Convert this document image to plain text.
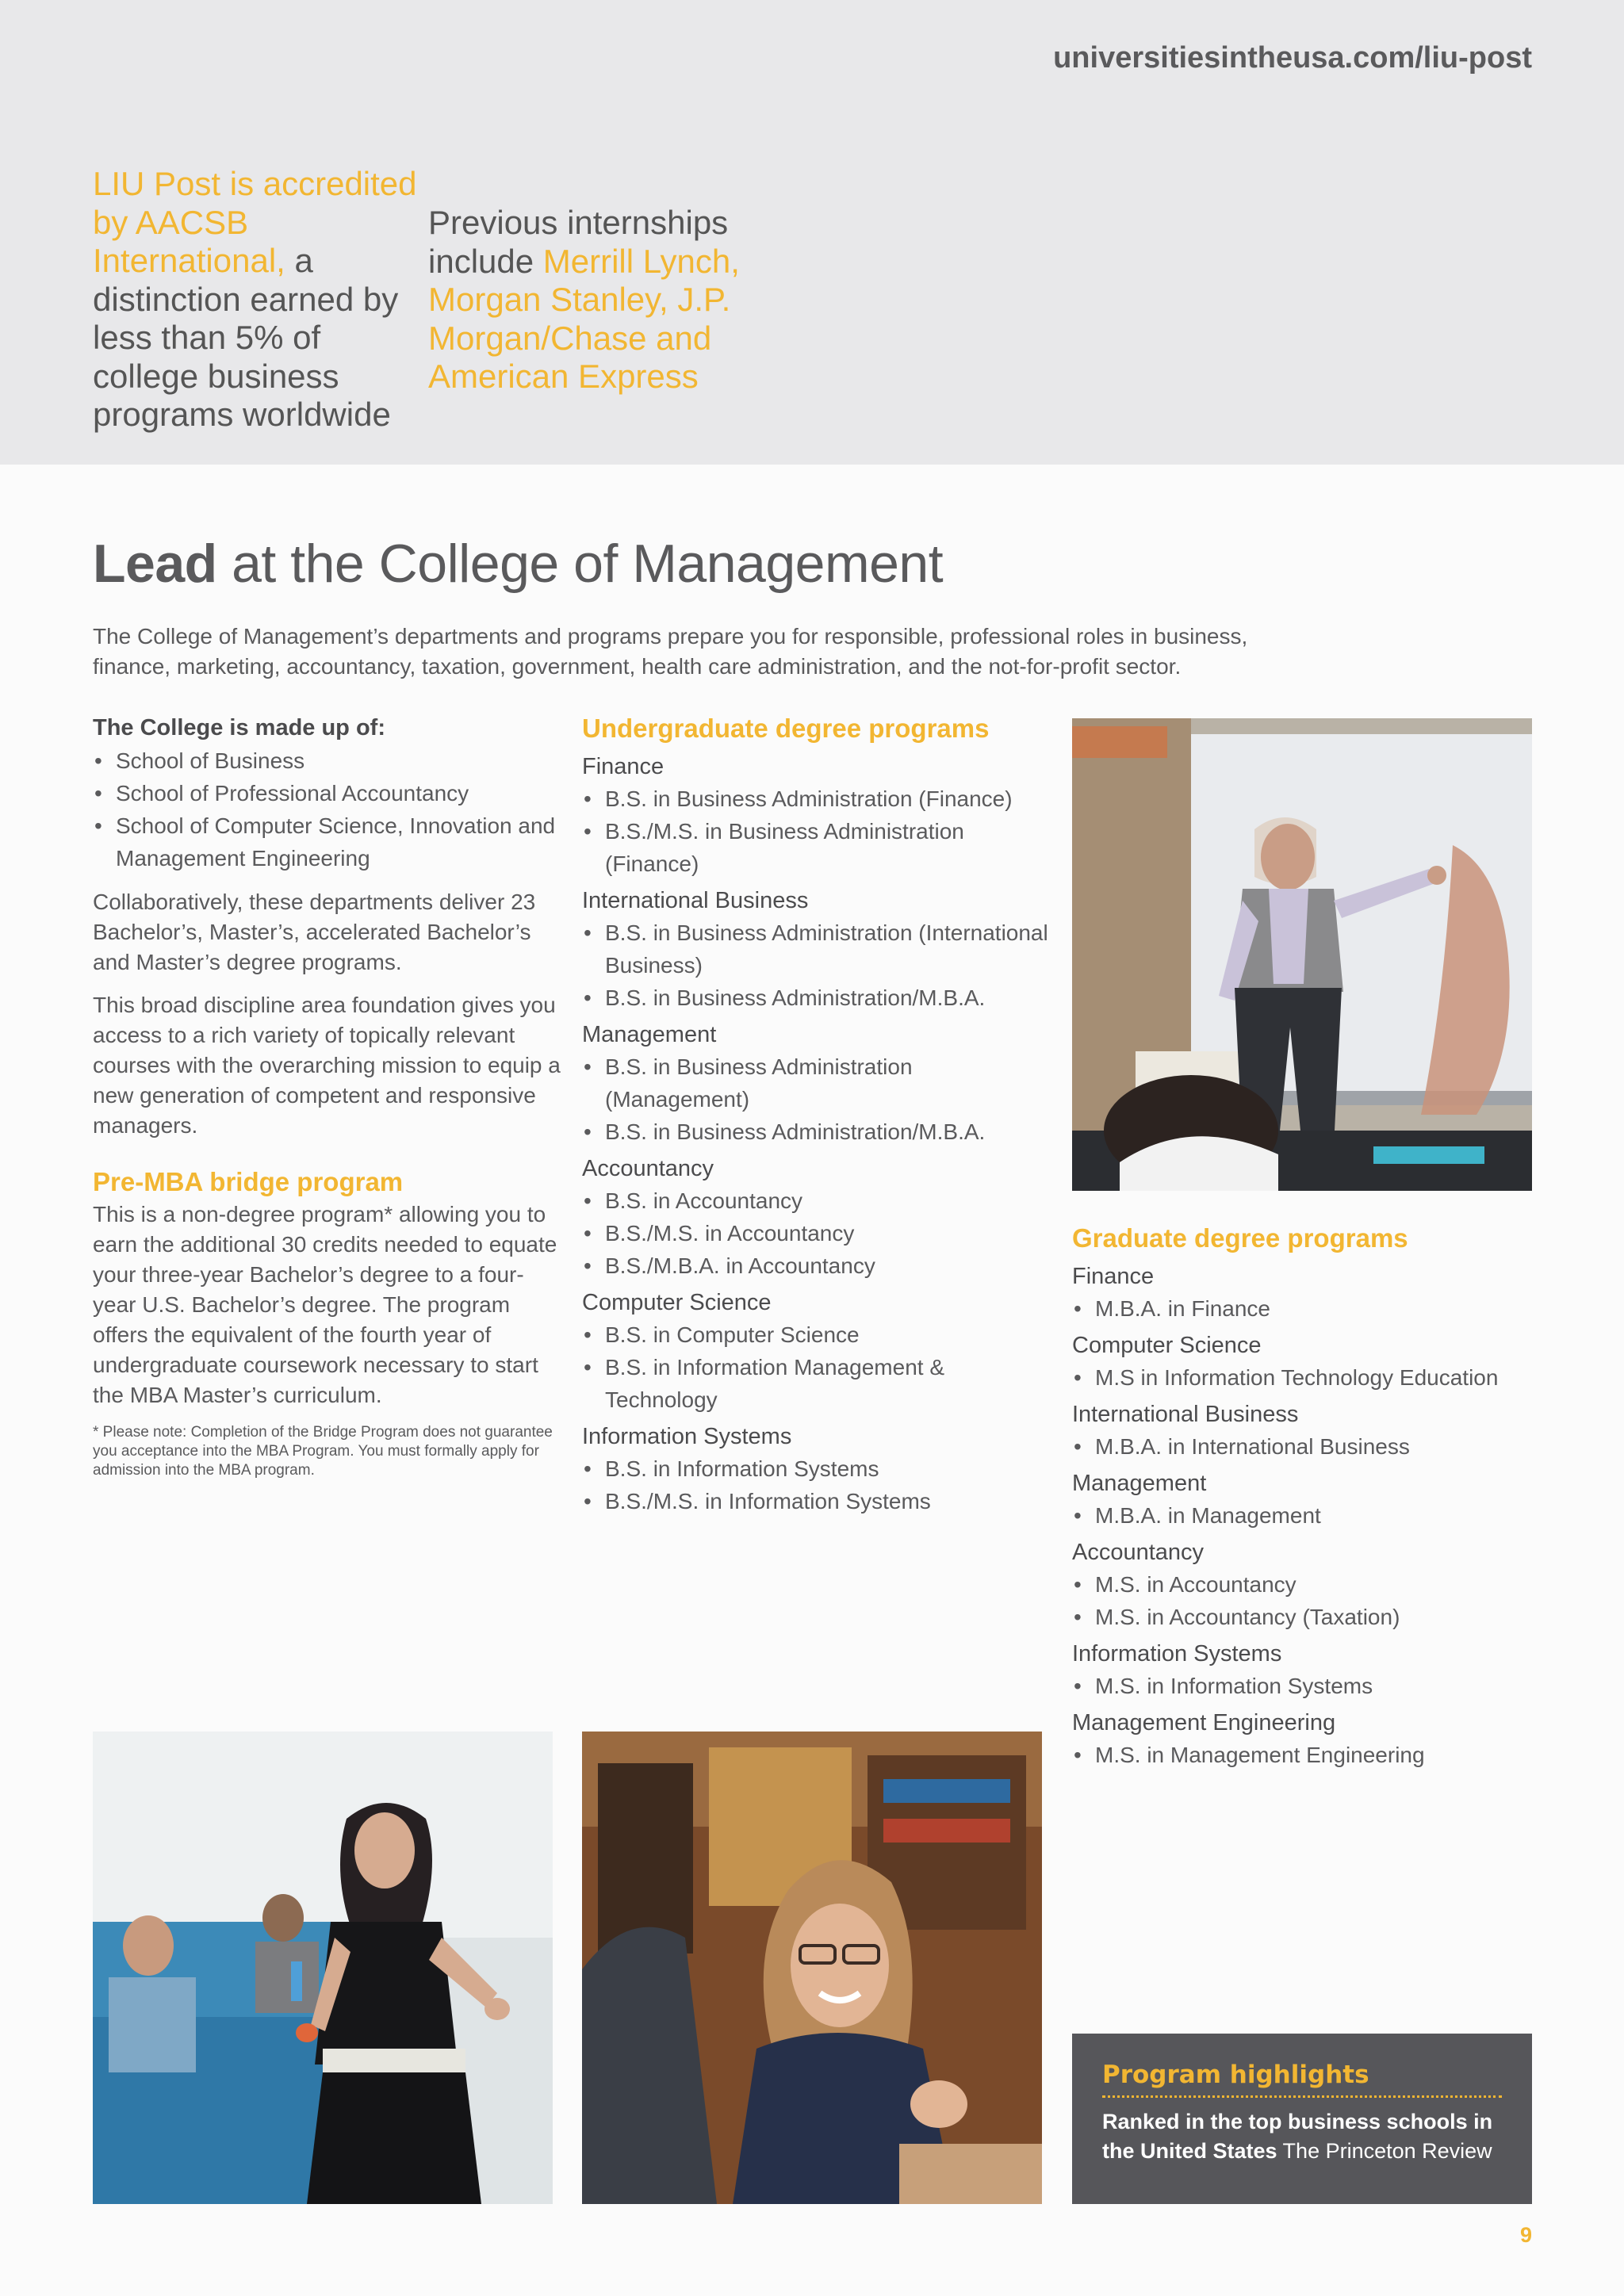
universitiesintheusa.com/liu-post
LIU Post is accredited by AACSB International, a distinction earned by less than 5% of college business programs worldwide
Previous internships include Merrill Lynch, Morgan Stanley, J.P. Morgan/Chase and American Express
Lead at the College of Management

The College of Management’s departments and programs prepare you for responsible, professional roles in business, finance, marketing, accountancy, taxation, government, health care administration, and the not-for-profit sector.

The College is made up of:
• School of Business
• School of Professional Accountancy
• School of Computer Science, Innovation and Management Engineering

Collaboratively, these departments deliver 23 Bachelor’s, Master’s, accelerated Bachelor’s and Master’s degree programs.

This broad discipline area foundation gives you access to a rich variety of topically relevant courses with the overarching mission to equip a new generation of competent and responsive managers.

Pre-MBA bridge program

This is a non-degree program* allowing you to earn the additional 30 credits needed to equate your three-year Bachelor’s degree to a four-year U.S. Bachelor’s degree. The program offers the equivalent of the fourth year of undergraduate coursework necessary to start the MBA Master’s curriculum.

* Please note: Completion of the Bridge Program does not guarantee you acceptance into the MBA Program. You must formally apply for admission into the MBA program.

Undergraduate degree programs
Finance
• B.S. in Business Administration (Finance)
• B.S./M.S. in Business Administration (Finance)
International Business
• B.S. in Business Administration (International Business)
• B.S. in Business Administration/M.B.A.
Management
• B.S. in Business Administration (Management)
• B.S. in Business Administration/M.B.A.
Accountancy
• B.S. in Accountancy
• B.S./M.S. in Accountancy
• B.S./M.B.A. in Accountancy
Computer Science
• B.S. in Computer Science
• B.S. in Information Management & Technology
Information Systems
• B.S. in Information Systems
• B.S./M.S. in Information Systems
Graduate degree programs
Finance
• M.B.A. in Finance
Computer Science
• M.S in Information Technology Education
International Business
• M.B.A. in International Business
Management
• M.B.A. in Management
Accountancy
• M.S. in Accountancy
• M.S. in Accountancy (Taxation)
Information Systems
• M.S. in Information Systems
Management Engineering
• M.S. in Management Engineering
Program highlights
Ranked in the top business schools in the United States The Princeton Review
9
